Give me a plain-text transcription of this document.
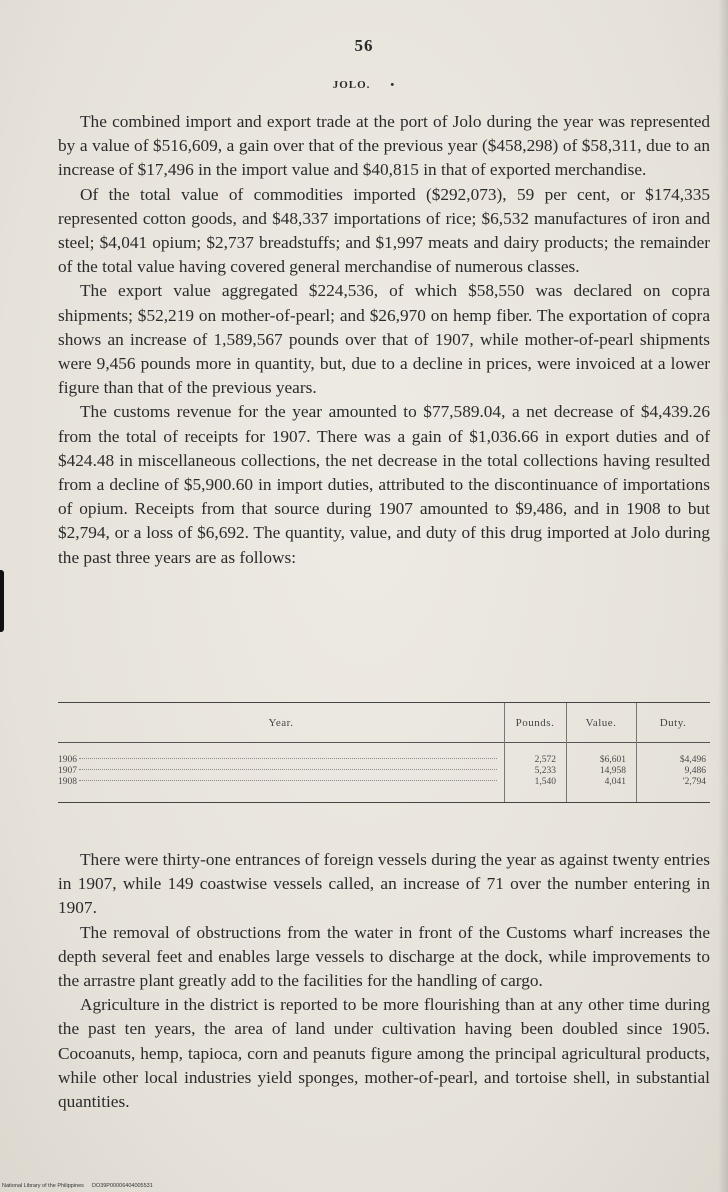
56
JOLO. •

The combined import and export trade at the port of Jolo during the year was represented by a value of $516,609, a gain over that of the previous year ($458,298) of $58,311, due to an increase of $17,496 in the import value and $40,815 in that of exported merchandise.

Of the total value of commodities imported ($292,073), 59 per cent, or $174,335 represented cotton goods, and $48,337 importations of rice; $6,532 manufactures of iron and steel; $4,041 opium; $2,737 breadstuffs; and $1,997 meats and dairy products; the remainder of the total value having covered general merchandise of numerous classes.

The export value aggregated $224,536, of which $58,550 was declared on copra shipments; $52,219 on mother-of-pearl; and $26,970 on hemp fiber. The exportation of copra shows an increase of 1,589,567 pounds over that of 1907, while mother-of-pearl shipments were 9,456 pounds more in quantity, but, due to a decline in prices, were invoiced at a lower figure than that of the previous years.

The customs revenue for the year amounted to $77,589.04, a net decrease of $4,439.26 from the total of receipts for 1907. There was a gain of $1,036.66 in export duties and of $424.48 in miscellaneous collections, the net decrease in the total collections having resulted from a decline of $5,900.60 in import duties, attributed to the discontinuance of importations of opium. Receipts from that source during 1907 amounted to $9,486, and in 1908 to but $2,794, or a loss of $6,692. The quantity, value, and duty of this drug imported at Jolo during the past three years are as follows:

Year.	Pounds.	Value.	Duty.
1906	2,572	$6,601	$4,496
1907	5,233	14,958	9,486
1908	1,540	4,041	'2,794

There were thirty-one entrances of foreign vessels during the year as against twenty entries in 1907, while 149 coastwise vessels called, an increase of 71 over the number entering in 1907.

The removal of obstructions from the water in front of the Customs wharf increases the depth several feet and enables large vessels to discharge at the dock, while improvements to the arrastre plant greatly add to the facilities for the handling of cargo.

Agriculture in the district is reported to be more flourishing than at any other time during the past ten years, the area of land under cultivation having been doubled since 1905. Cocoanuts, hemp, tapioca, corn and peanuts figure among the principal agricultural products, while other local industries yield sponges, mother-of-pearl, and tortoise shell, in substantial quantities.

National Library of the Philippines DO39P00006404005531
